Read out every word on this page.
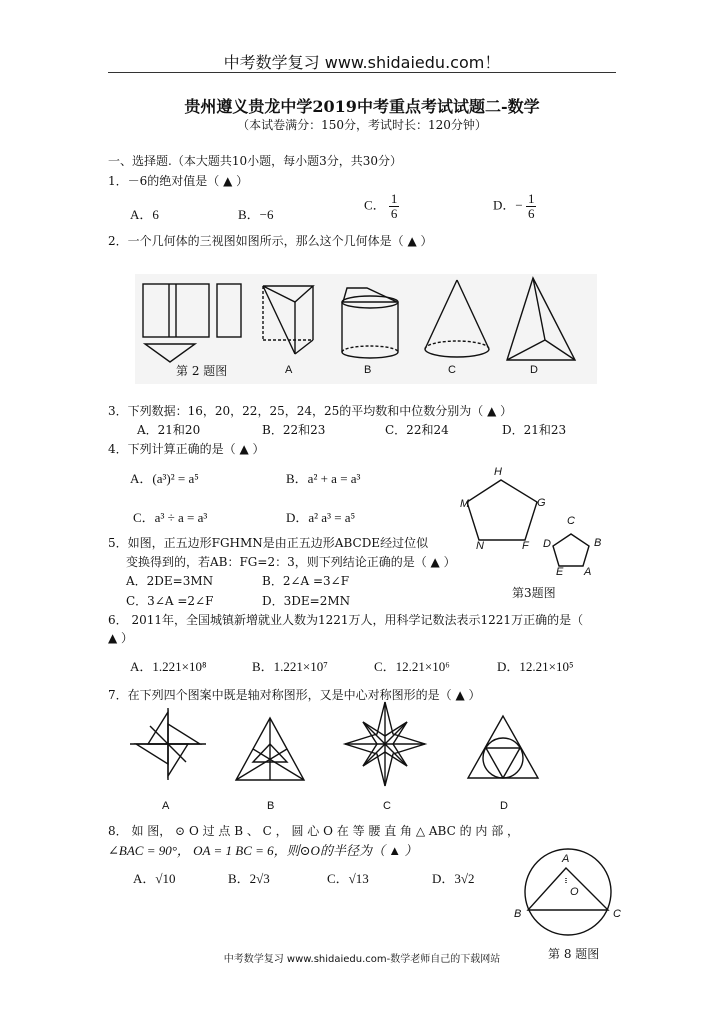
中考数学复习 www.shidaiedu.com！
贵州遵义贵龙中学2019中考重点考试试题二-数学
（本试卷满分：150分，考试时长：120分钟）
一、选择题.（本大题共10小题，每小题3分，共30分）
1．－6的绝对值是（ ▲ ）
A．6	B．−6
C． $\frac{1}{6}$	D．− $\frac{1}{6}$
2．一个几何体的三视图如图所示，那么这个几何体是（ ▲ ）
第 2 题图	A	B	C	D
3．下列数据：16，20，22，25，24，25的平均数和中位数分别为（ ▲ ）
A．21和20	B．22和23	C．22和24	D．21和23
4．下列计算正确的是（ ▲ ）
A．(a³)² = a⁵	B．a² + a = a³
C．a³ ÷ a = a³	D．a² a³ = a⁵
H
G
F
N
M
C
B
A
E
D
第3题图
5．如图，正五边形FGHMN是由正五边形ABCDE经过位似
变换得到的，若AB：FG=2：3，则下列结论正确的是（ ▲ ）
A．2DE=3MN	B．2∠A =3∠F
C．3∠A =2∠F	D．3DE=2MN
6． 2011年，全国城镇新增就业人数为1221万人，用科学记数法表示1221万正确的是（
▲ ）
A．1.221×10⁸	B．1.221×10⁷	C．12.21×10⁶	D．12.21×10⁵
7．在下列四个图案中既是轴对称图形，又是中心对称图形的是（ ▲ ）
A	B	C	D
8． 如 图， ⊙ O 过 点 B 、 C ， 圆 心 O 在 等 腰 直 角 △ ABC 的 内 部 ，
∠BAC = 90°， OA = 1 BC = 6，则⊙O的半径为（ ▲ ）
A．√10	B．2√3	C．√13	D．3√2
A
O
B	C
第 8 题图
中考数学复习 www.shidaiedu.com-数学老师自己的下载网站
